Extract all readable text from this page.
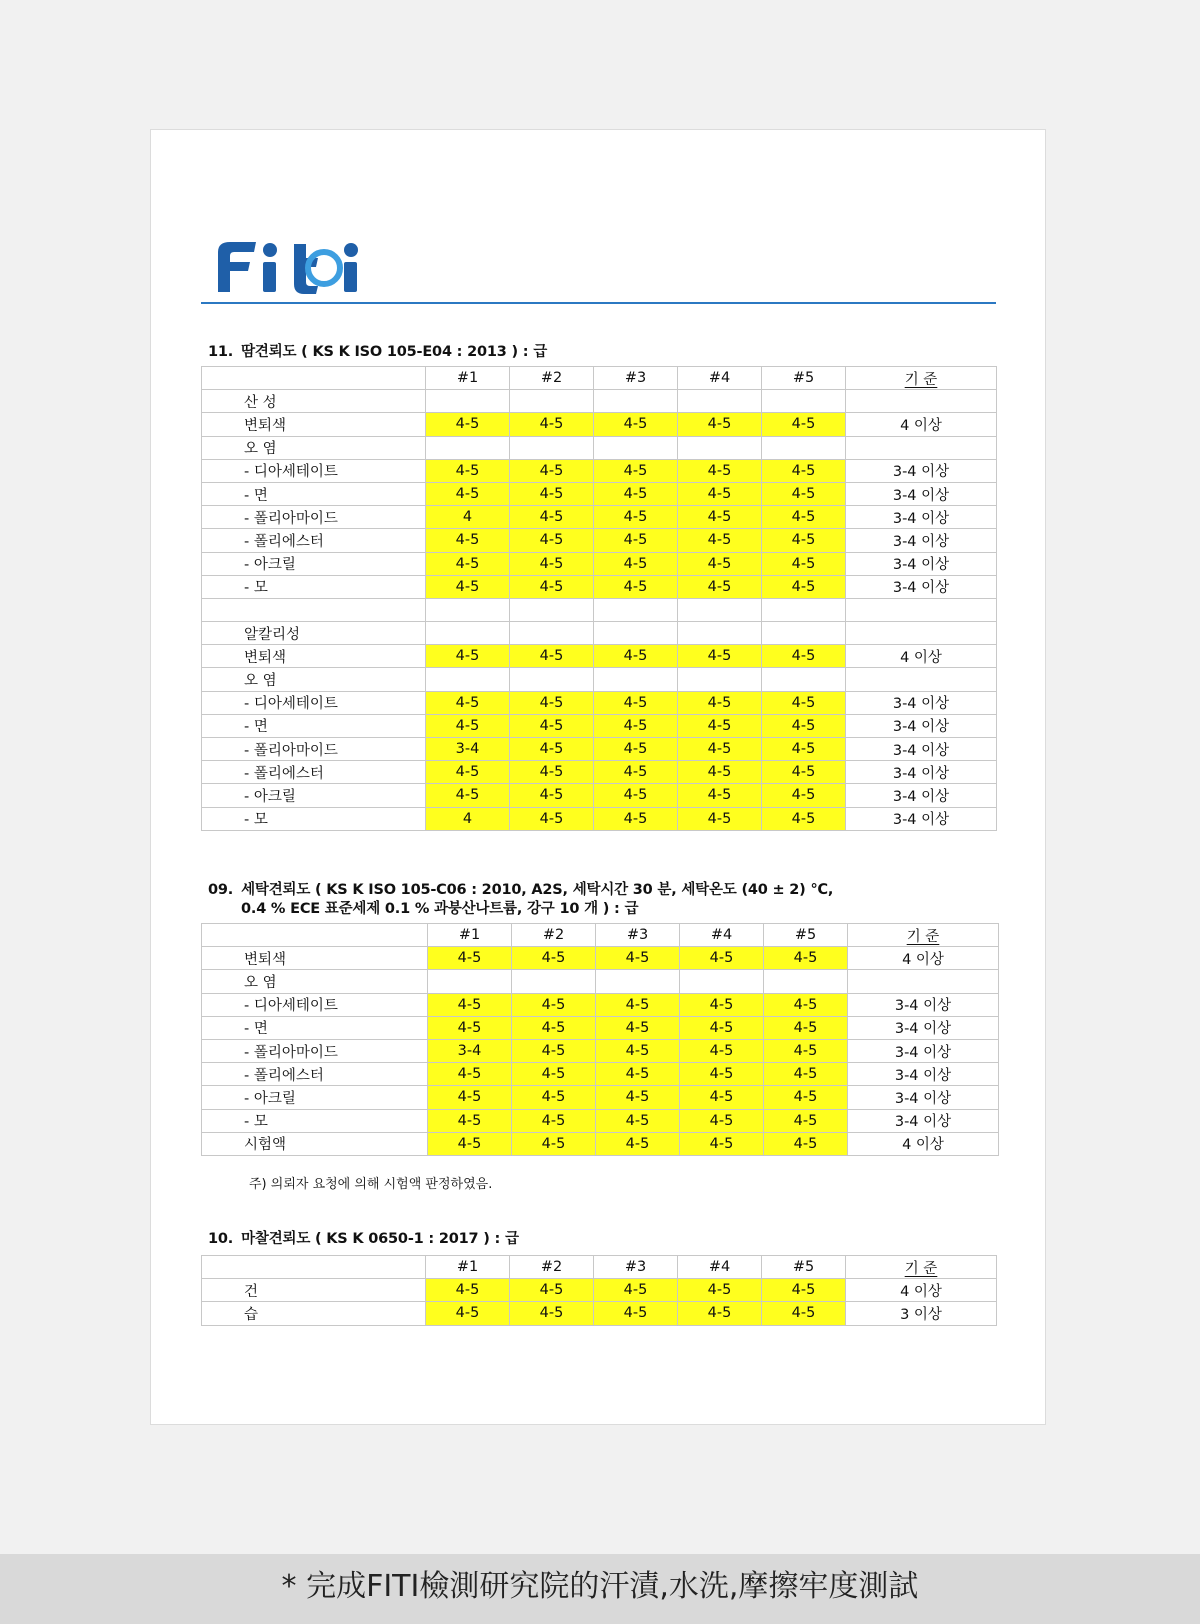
11. 땀견뢰도 ( KS K ISO 105-E04 : 2013 ) : 급
	#1	#2	#3	#4	#5	기 준
산 성						
변퇴색	4-5	4-5	4-5	4-5	4-5	4 이상
오 염						
- 디아세테이트	4-5	4-5	4-5	4-5	4-5	3-4 이상
- 면	4-5	4-5	4-5	4-5	4-5	3-4 이상
- 폴리아마이드	4	4-5	4-5	4-5	4-5	3-4 이상
- 폴리에스터	4-5	4-5	4-5	4-5	4-5	3-4 이상
- 아크릴	4-5	4-5	4-5	4-5	4-5	3-4 이상
- 모	4-5	4-5	4-5	4-5	4-5	3-4 이상

알칼리성						
변퇴색	4-5	4-5	4-5	4-5	4-5	4 이상
오 염						
- 디아세테이트	4-5	4-5	4-5	4-5	4-5	3-4 이상
- 면	4-5	4-5	4-5	4-5	4-5	3-4 이상
- 폴리아마이드	3-4	4-5	4-5	4-5	4-5	3-4 이상
- 폴리에스터	4-5	4-5	4-5	4-5	4-5	3-4 이상
- 아크릴	4-5	4-5	4-5	4-5	4-5	3-4 이상
- 모	4	4-5	4-5	4-5	4-5	3-4 이상
09. 세탁견뢰도 ( KS K ISO 105-C06 : 2010, A2S, 세탁시간 30 분, 세탁온도 (40 ± 2) ℃,
0.4 % ECE 표준세제 0.1 % 과붕산나트륨, 강구 10 개 ) : 급
	#1	#2	#3	#4	#5	기 준
변퇴색	4-5	4-5	4-5	4-5	4-5	4 이상
오 염						
- 디아세테이트	4-5	4-5	4-5	4-5	4-5	3-4 이상
- 면	4-5	4-5	4-5	4-5	4-5	3-4 이상
- 폴리아마이드	3-4	4-5	4-5	4-5	4-5	3-4 이상
- 폴리에스터	4-5	4-5	4-5	4-5	4-5	3-4 이상
- 아크릴	4-5	4-5	4-5	4-5	4-5	3-4 이상
- 모	4-5	4-5	4-5	4-5	4-5	3-4 이상
시험액	4-5	4-5	4-5	4-5	4-5	4 이상
주) 의뢰자 요청에 의해 시험액 판정하였음.
10. 마찰견뢰도 ( KS K 0650-1 : 2017 ) : 급
	#1	#2	#3	#4	#5	기 준
건	4-5	4-5	4-5	4-5	4-5	4 이상
습	4-5	4-5	4-5	4-5	4-5	3 이상
* 完成FITI檢測研究院的汗漬,水洗,摩擦牢度測試
